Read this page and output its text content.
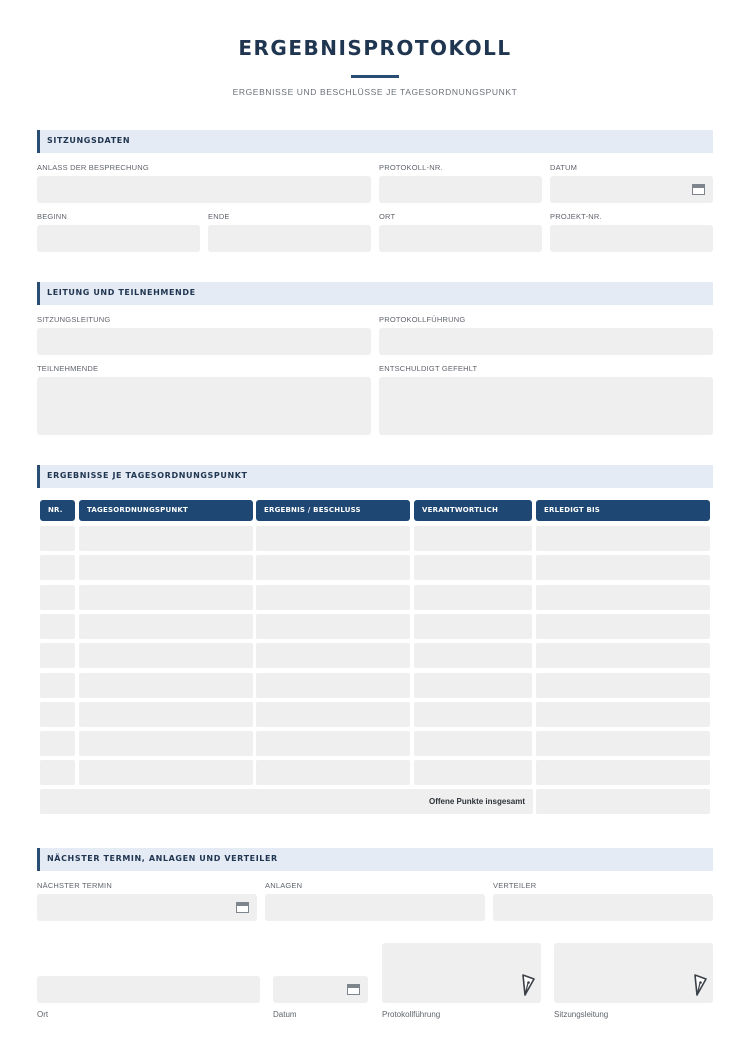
ERGEBNISPROTOKOLL
ERGEBNISSE UND BESCHLÜSSE JE TAGESORDNUNGSPUNKT
SITZUNGSDATEN
ANLASS DER BESPRECHUNG	PROTOKOLL-NR.	DATUM
BEGINN	ENDE	ORT	PROJEKT-NR.
LEITUNG UND TEILNEHMENDE
SITZUNGSLEITUNG	PROTOKOLLFÜHRUNG
TEILNEHMENDE	ENTSCHULDIGT GEFEHLT
ERGEBNISSE JE TAGESORDNUNGSPUNKT
NR.	TAGESORDNUNGSPUNKT	ERGEBNIS / BESCHLUSS	VERANTWORTLICH	ERLEDIGT BIS
Offene Punkte insgesamt
NÄCHSTER TERMIN, ANLAGEN UND VERTEILER
NÄCHSTER TERMIN	ANLAGEN	VERTEILER
Ort	Datum	Protokollführung	Sitzungsleitung
